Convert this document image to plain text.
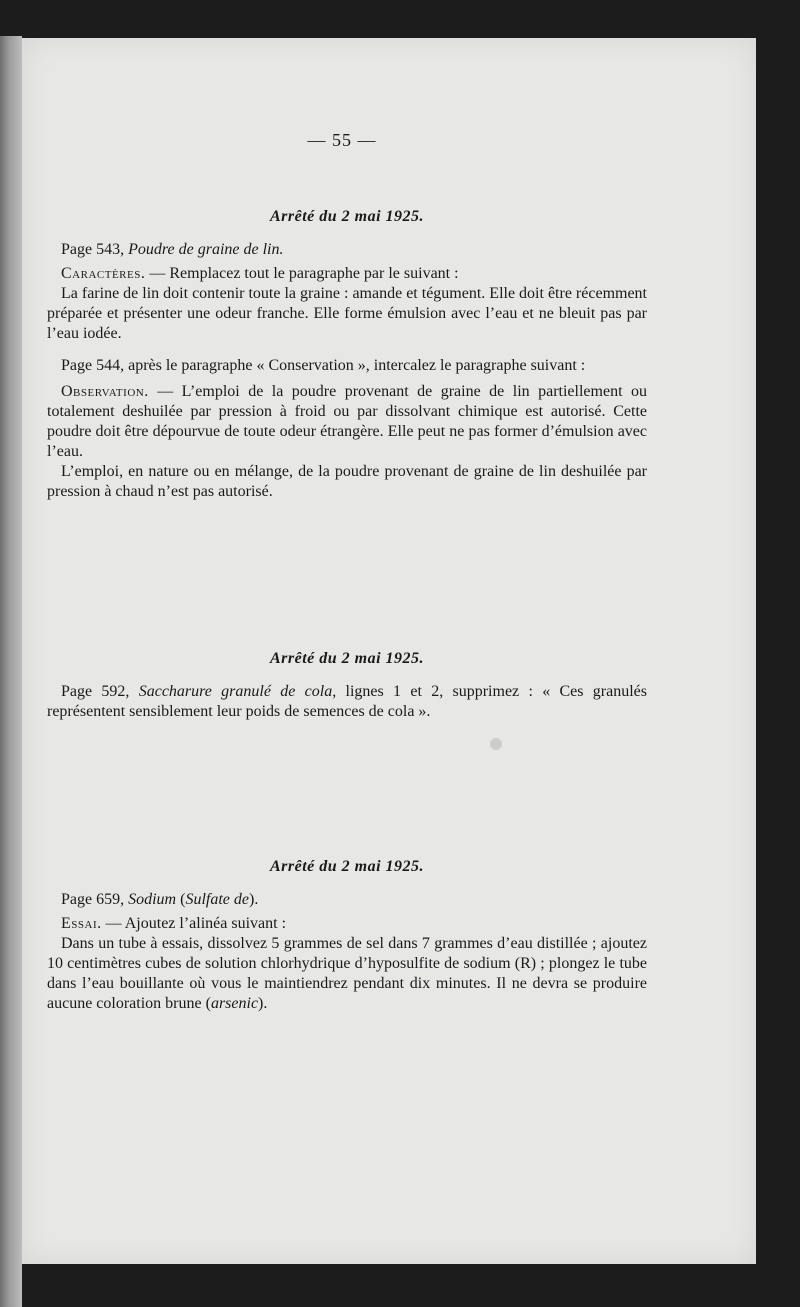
— 55 —

Arrêté du 2 mai 1925.

Page 543, Poudre de graine de lin.

Caractères. — Remplacez tout le paragraphe par le suivant :

La farine de lin doit contenir toute la graine : amande et tégument. Elle doit être récemment préparée et présenter une odeur franche. Elle forme émulsion avec l’eau et ne bleuit pas par l’eau iodée.

Page 544, après le paragraphe « Conservation », intercalez le paragraphe suivant :

Observation. — L’emploi de la poudre provenant de graine de lin partiellement ou totalement deshuilée par pression à froid ou par dissolvant chimique est autorisé. Cette poudre doit être dépourvue de toute odeur étrangère. Elle peut ne pas former d’émulsion avec l’eau.

L’emploi, en nature ou en mélange, de la poudre provenant de graine de lin deshuilée par pression à chaud n’est pas autorisé.

Arrêté du 2 mai 1925.

Page 592, Saccharure granulé de cola, lignes 1 et 2, supprimez : « Ces granulés représentent sensiblement leur poids de semences de cola ».

Arrêté du 2 mai 1925.

Page 659, Sodium (Sulfate de).

Essai. — Ajoutez l’alinéa suivant :

Dans un tube à essais, dissolvez 5 grammes de sel dans 7 grammes d’eau distillée ; ajoutez 10 centimètres cubes de solution chlorhydrique d’hyposulfite de sodium (R) ; plongez le tube dans l’eau bouillante où vous le maintiendrez pendant dix minutes. Il ne devra se produire aucune coloration brune (arsenic).
